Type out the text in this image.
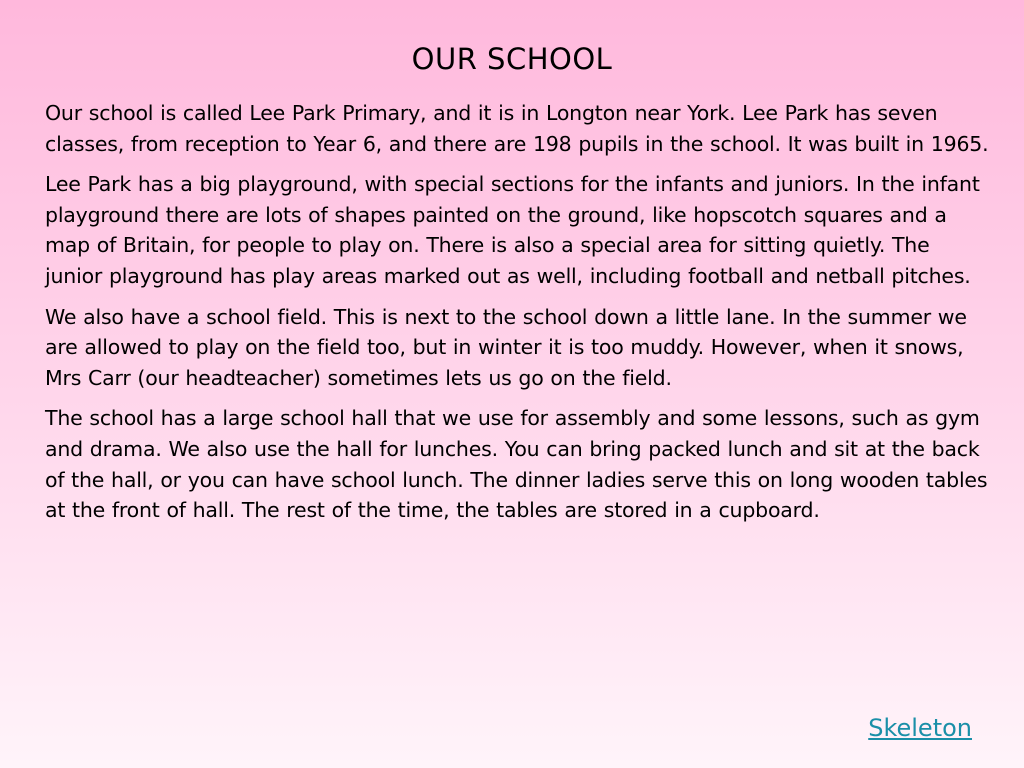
OUR SCHOOL

Our school is called Lee Park Primary, and it is in Longton near York. Lee Park has seven classes, from reception to Year 6, and there are 198 pupils in the school. It was built in 1965.

Lee Park has a big playground, with special sections for the infants and juniors. In the infant playground there are lots of shapes painted on the ground, like hopscotch squares and a map of Britain, for people to play on. There is also a special area for sitting quietly. The junior playground has play areas marked out as well, including football and netball pitches.

We also have a school field. This is next to the school down a little lane. In the summer we are allowed to play on the field too, but in winter it is too muddy. However, when it snows, Mrs Carr (our headteacher) sometimes lets us go on the field.

The school has a large school hall that we use for assembly and some lessons, such as gym and drama. We also use the hall for lunches. You can bring packed lunch and sit at the back of the hall, or you can have school lunch. The dinner ladies serve this on long wooden tables at the front of hall. The rest of the time, the tables are stored in a cupboard.

Skeleton
